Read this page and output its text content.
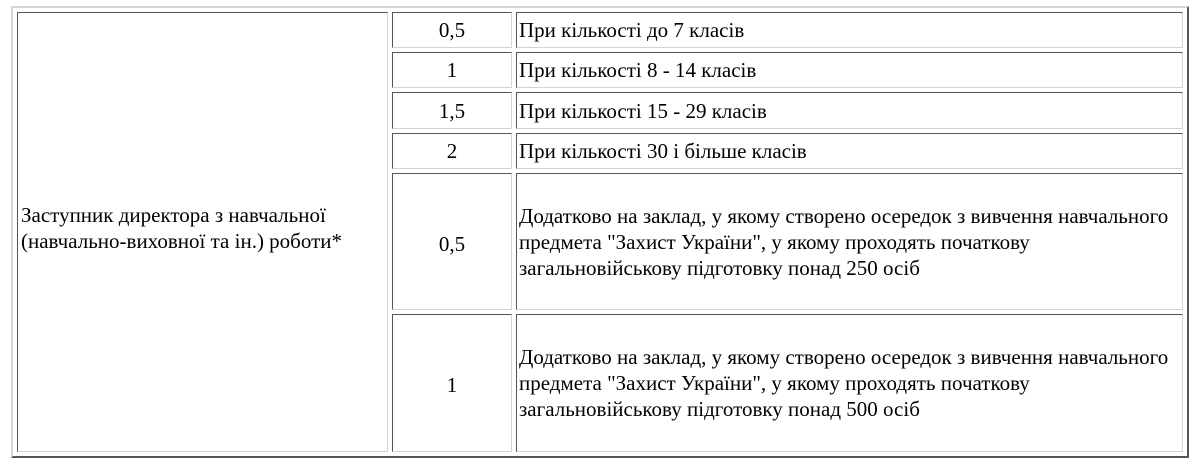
Заступник директора з навчальної (навчально-виховної та ін.) роботи*	0,5	При кількості до 7 класів
	1	При кількості 8 - 14 класів
	1,5	При кількості 15 - 29 класів
	2	При кількості 30 і більше класів
	0,5	Додатково на заклад, у якому створено осередок з вивчення навчального предмета "Захист України", у якому проходять початкову загальновійськову підготовку понад 250 осіб
	1	Додатково на заклад, у якому створено осередок з вивчення навчального предмета "Захист України", у якому проходять початкову загальновійськову підготовку понад 500 осіб
